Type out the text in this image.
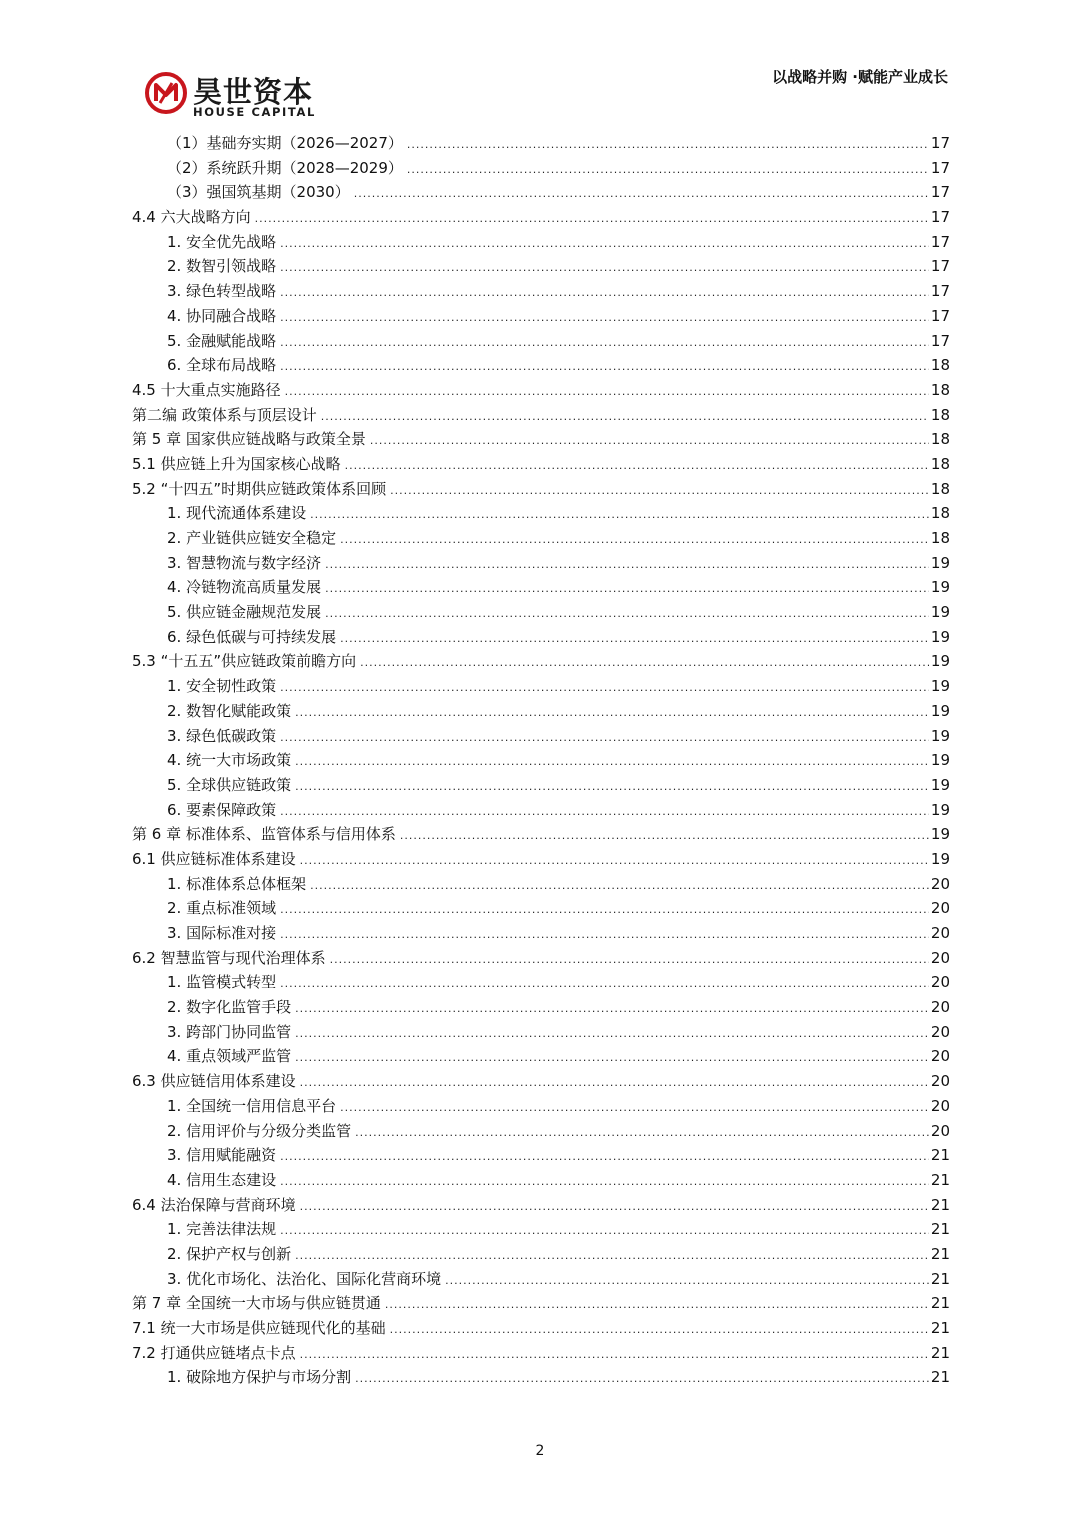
昊世资本
HOUSE CAPITAL
以战略并购 ·赋能产业成长
（1）基础夯实期（2026—2027） .....	17
（2）系统跃升期（2028—2029） .....	17
（3）强国筑基期（2030） .....	17
4.4 六大战略方向 .....	17
1. 安全优先战略 .....	17
2. 数智引领战略 .....	17
3. 绿色转型战略 .....	17
4. 协同融合战略 .....	17
5. 金融赋能战略 .....	17
6. 全球布局战略 .....	18
4.5 十大重点实施路径 .....	18
第二编 政策体系与顶层设计 .....	18
第 5 章 国家供应链战略与政策全景 .....	18
5.1 供应链上升为国家核心战略 .....	18
5.2 “十四五”时期供应链政策体系回顾 .....	18
1. 现代流通体系建设 .....	18
2. 产业链供应链安全稳定 .....	18
3. 智慧物流与数字经济 .....	19
4. 冷链物流高质量发展 .....	19
5. 供应链金融规范发展 .....	19
6. 绿色低碳与可持续发展 .....	19
5.3 “十五五”供应链政策前瞻方向 .....	19
1. 安全韧性政策 .....	19
2. 数智化赋能政策 .....	19
3. 绿色低碳政策 .....	19
4. 统一大市场政策 .....	19
5. 全球供应链政策 .....	19
6. 要素保障政策 .....	19
第 6 章 标准体系、监管体系与信用体系 .....	19
6.1 供应链标准体系建设 .....	19
1. 标准体系总体框架 .....	20
2. 重点标准领域 .....	20
3. 国际标准对接 .....	20
6.2 智慧监管与现代治理体系 .....	20
1. 监管模式转型 .....	20
2. 数字化监管手段 .....	20
3. 跨部门协同监管 .....	20
4. 重点领域严监管 .....	20
6.3 供应链信用体系建设 .....	20
1. 全国统一信用信息平台 .....	20
2. 信用评价与分级分类监管 .....	20
3. 信用赋能融资 .....	21
4. 信用生态建设 .....	21
6.4 法治保障与营商环境 .....	21
1. 完善法律法规 .....	21
2. 保护产权与创新 .....	21
3. 优化市场化、法治化、国际化营商环境 .....	21
第 7 章 全国统一大市场与供应链贯通 .....	21
7.1 统一大市场是供应链现代化的基础 .....	21
7.2 打通供应链堵点卡点 .....	21
1. 破除地方保护与市场分割 .....	21
2
